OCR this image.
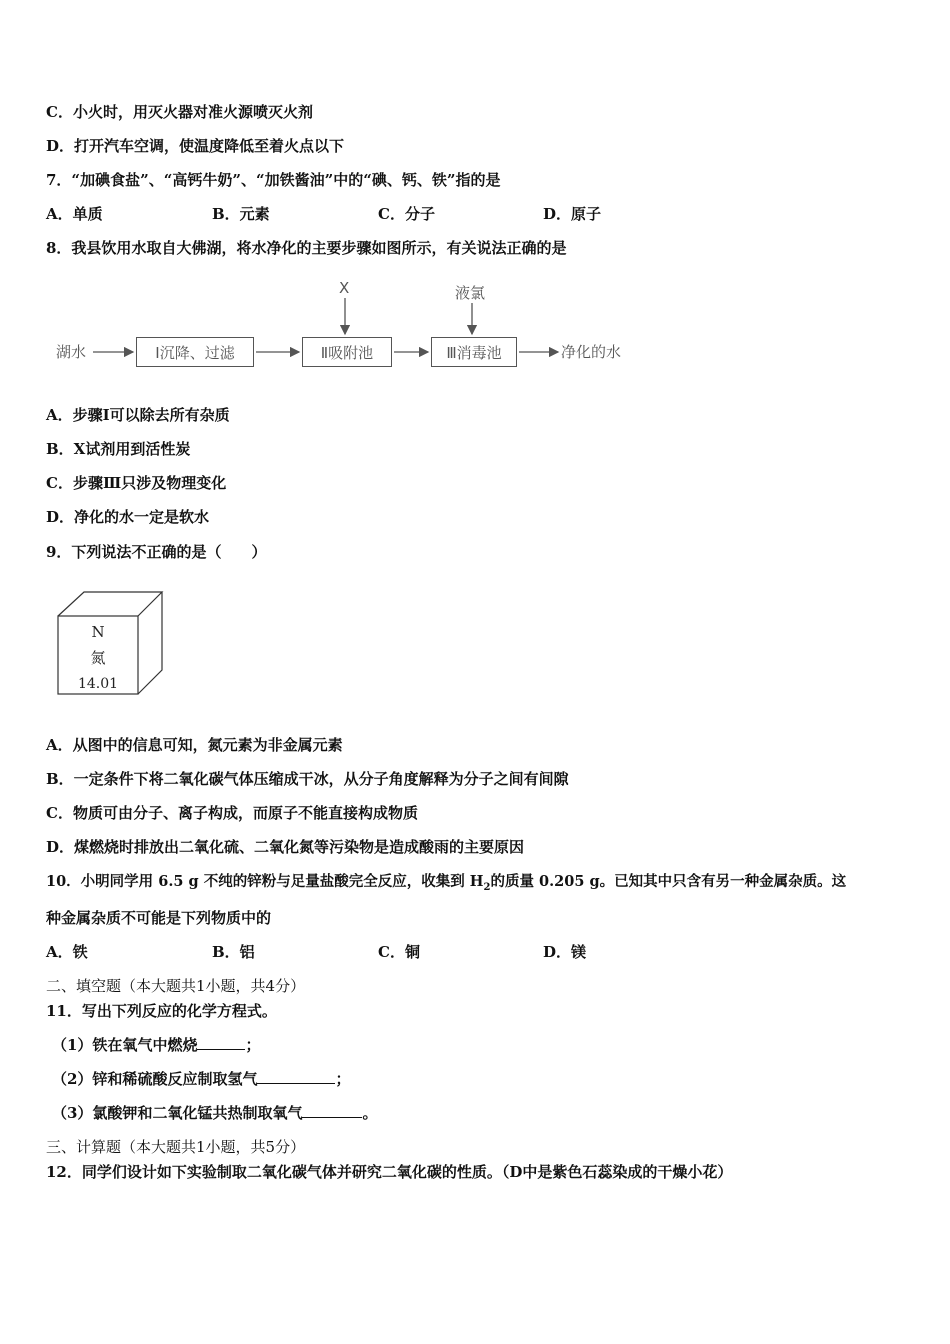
C．小火时，用灭火器对准火源喷灭火剂
D．打开汽车空调，使温度降低至着火点以下
7．“加碘食盐”、“高钙牛奶”、“加铁酱油”中的“碘、钙、铁”指的是
A．单质	B．元素	C．分子	D．原子
8．我县饮用水取自大佛湖，将水净化的主要步骤如图所示，有关说法正确的是
湖水	Ⅰ沉降、过滤	Ⅱ吸附池	Ⅲ消毒池	净化的水
X	液氯
A．步骤Ⅰ可以除去所有杂质
B．X试剂用到活性炭
C．步骤Ⅲ只涉及物理变化
D．净化的水一定是软水
9．下列说法不正确的是（　　）
N
氮
14.01
A．从图中的信息可知，氮元素为非金属元素
B．一定条件下将二氧化碳气体压缩成干冰，从分子角度解释为分子之间有间隙
C．物质可由分子、离子构成，而原子不能直接构成物质
D．煤燃烧时排放出二氧化硫、二氧化氮等污染物是造成酸雨的主要原因
10．小明同学用 6.5 g 不纯的锌粉与足量盐酸完全反应，收集到 $H_2$的质量 0.205 g。已知其中只含有另一种金属杂质。这
种金属杂质不可能是下列物质中的
A．铁	B．铝	C．铜	D．镁
二、填空题（本大题共1小题，共4分）
11．写出下列反应的化学方程式。
（1）铁在氧气中燃烧	；
（2）锌和稀硫酸反应制取氢气	；
（3）氯酸钾和二氧化锰共热制取氧气	。
三、计算题（本大题共1小题，共5分）
12．同学们设计如下实验制取二氧化碳气体并研究二氧化碳的性质。（D中是紫色石蕊染成的干燥小花）
